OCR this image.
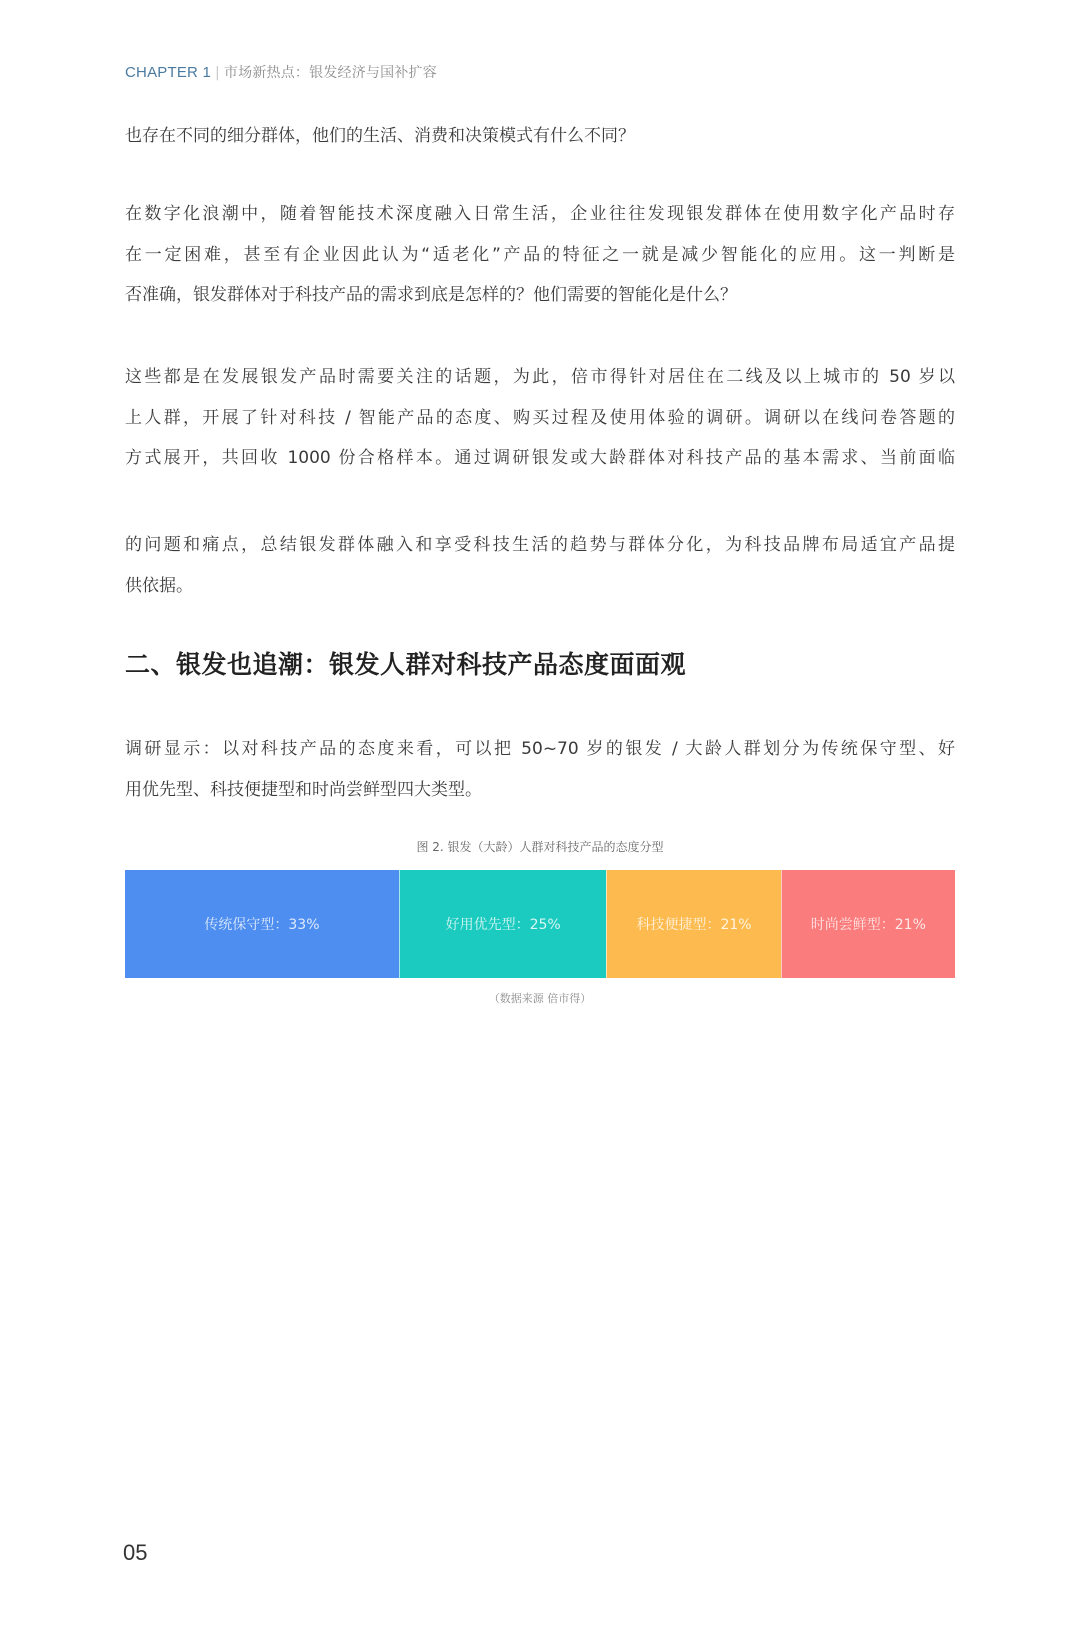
CHAPTER 1 | 市场新热点：银发经济与国补扩容
也存在不同的细分群体，他们的生活、消费和决策模式有什么不同？
在数字化浪潮中，随着智能技术深度融入日常生活，企业往往发现银发群体在使用数字化产品时存
在一定困难，甚至有企业因此认为“适老化”产品的特征之一就是减少智能化的应用。这一判断是
否准确，银发群体对于科技产品的需求到底是怎样的？他们需要的智能化是什么？
这些都是在发展银发产品时需要关注的话题，为此，倍市得针对居住在二线及以上城市的 50 岁以
上人群，开展了针对科技 / 智能产品的态度、购买过程及使用体验的调研。调研以在线问卷答题的
方式展开，共回收 1000 份合格样本。通过调研银发或大龄群体对科技产品的基本需求、当前面临
的问题和痛点，总结银发群体融入和享受科技生活的趋势与群体分化，为科技品牌布局适宜产品提
供依据。
二、银发也追潮：银发人群对科技产品态度面面观
调研显示：以对科技产品的态度来看，可以把 50~70 岁的银发 / 大龄人群划分为传统保守型、好
用优先型、科技便捷型和时尚尝鲜型四大类型。
图 2. 银发（大龄）人群对科技产品的态度分型
传统保守型：33%	好用优先型：25%	科技便捷型：21%	时尚尝鲜型：21%
（数据来源 倍市得）
05
